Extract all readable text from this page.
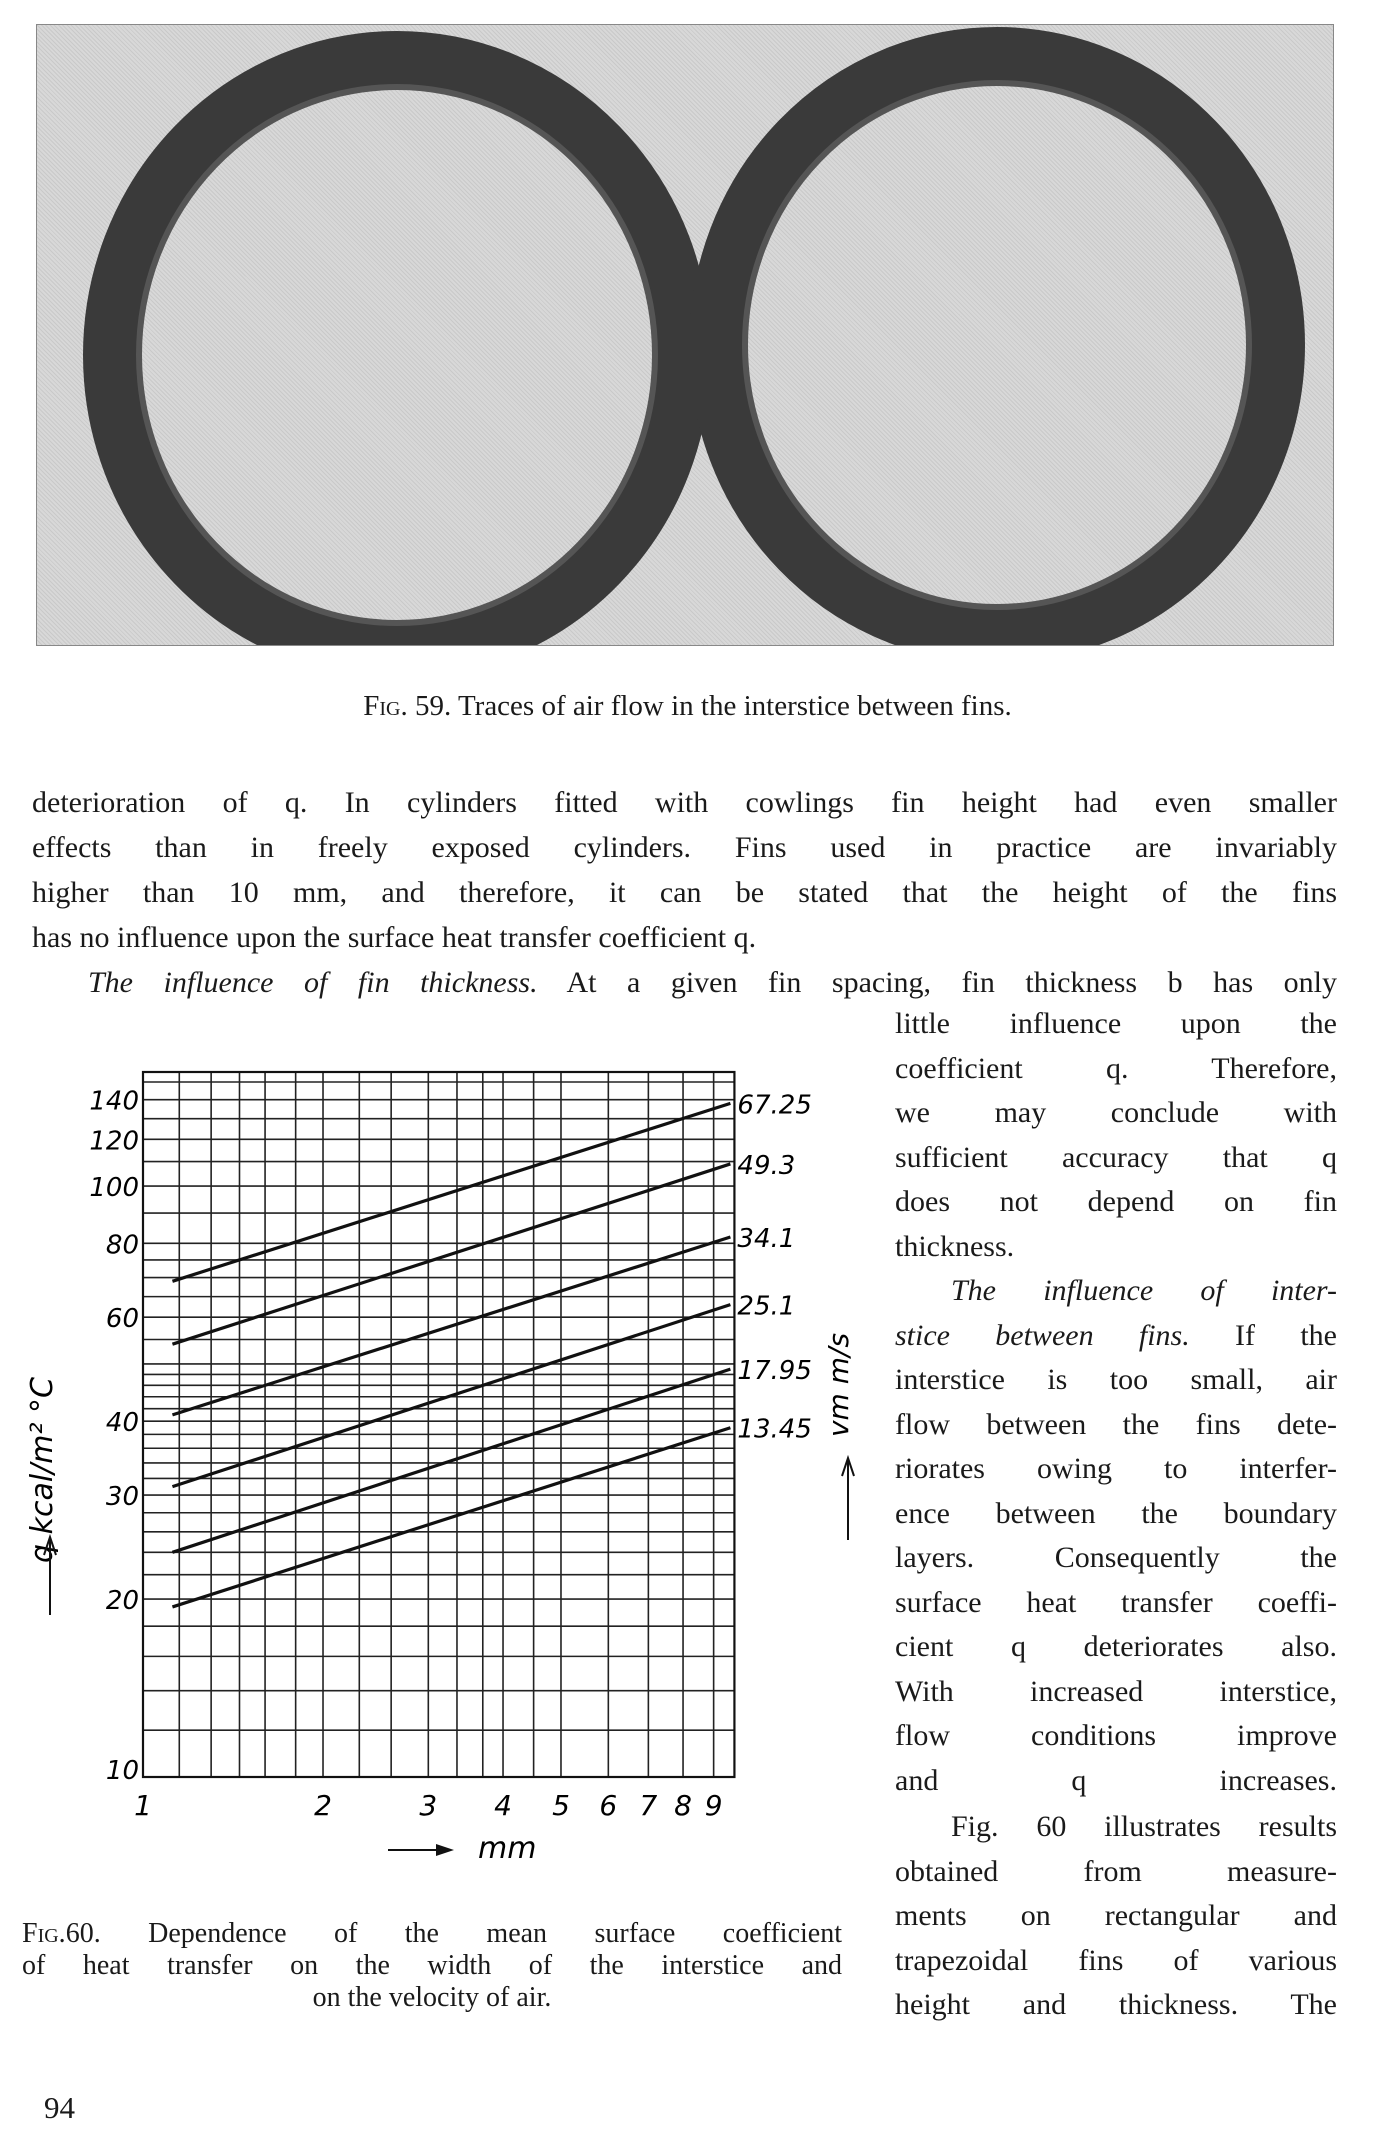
Fig. 59. Traces of air flow in the interstice between fins.
deterioration of q. In cylinders fitted with cowlings fin height had even smaller
effects than in freely exposed cylinders. Fins used in practice are invariably
higher than 10 mm, and therefore, it can be stated that the height of the fins
has no influence upon the surface heat transfer coefficient q.
The influence of fin thickness. At a given fin spacing, fin thickness b has only
little influence upon the
coefficient q. Therefore,
we may conclude with
sufficient accuracy that q
does not depend on fin
thickness.
The influence of inter-
stice between fins. If the
interstice is too small, air
flow between the fins dete-
riorates owing to interfer-
ence between the boundary
layers. Consequently the
surface heat transfer coeffi-
cient q deteriorates also.
With increased interstice,
flow conditions improve
and q increases.
Fig. 60 illustrates results
obtained from measure-
ments on rectangular and
trapezoidal fins of various
height and thickness. The
10
20
30
40
60
80
100
120
140
1	2	3 4 5 6 7 8 9
67.25
49.3
34.1
25.1
17.95
13.45
q kcal/m² °C	vm m/s
mm
Fig.60. Dependence of the mean surface coefficient
of heat transfer on the width of the interstice and
on the velocity of air.
94
